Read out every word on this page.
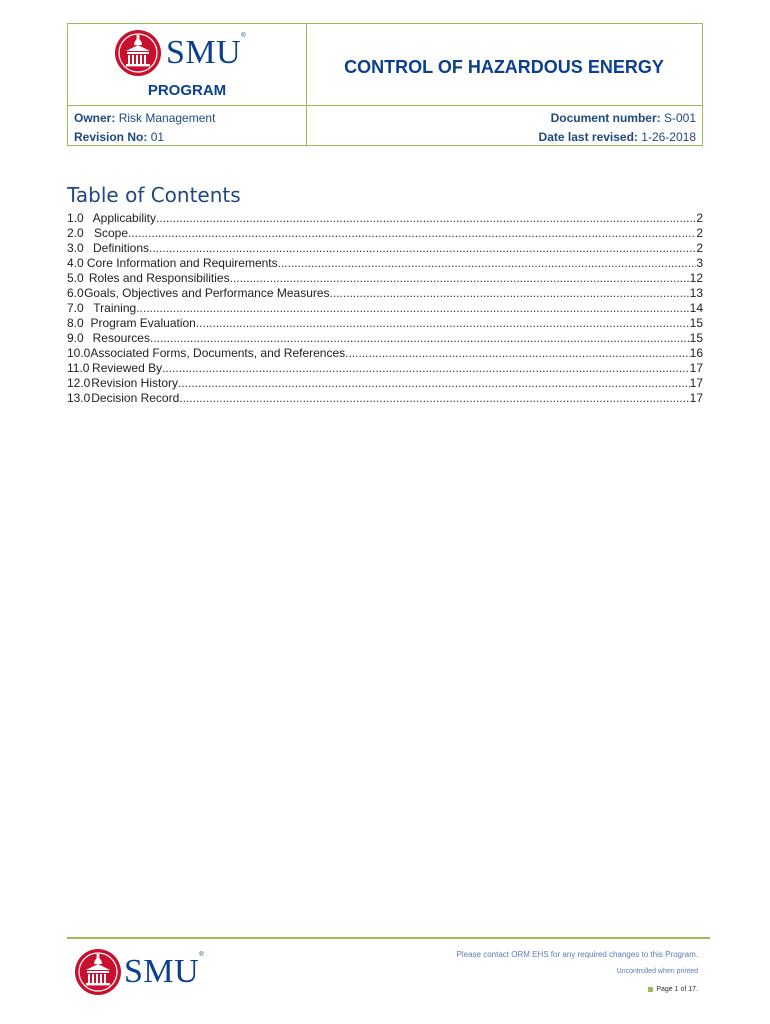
SMU ®
PROGRAM
CONTROL OF HAZARDOUS ENERGY
Owner: Risk Management
Revision No: 01
Document number: S-001
Date last revised: 1-26-2018
Table of Contents
1.0 Applicability .....	2
2.0 Scope .....	2
3.0 Definitions .....	2
4.0 Core Information and Requirements .....	3
5.0 Roles and Responsibilities .....	12
6.0 Goals, Objectives and Performance Measures .....	13
7.0 Training .....	14
8.0 Program Evaluation .....	15
9.0 Resources .....	15
10.0 Associated Forms, Documents, and References .....	16
11.0 Reviewed By .....	17
12.0 Revision History .....	17
13.0 Decision Record .....	17
SMU ®	Please contact ORM EHS for any required changes to this Program.
Uncontrolled when printed
Page 1 of 17.
